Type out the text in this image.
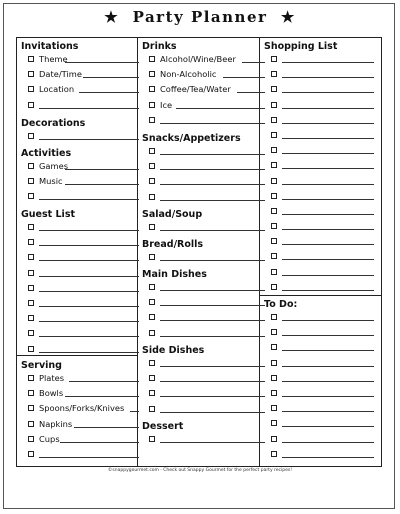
★  Party Planner  ★
Invitations
Theme
Date/Time
Location
Decorations
Activities
Games
Music
Guest List
Serving
Plates
Bowls
Spoons/Forks/Knives
Napkins
Cups
Drinks
Alcohol/Wine/Beer
Non-Alcoholic
Coffee/Tea/Water
Ice
Snacks/Appetizers
Salad/Soup
Bread/Rolls
Main Dishes
Side Dishes
Dessert
Shopping List
To Do:
©snappygourmet.com · Check out Snappy Gourmet for the perfect party recipes!
